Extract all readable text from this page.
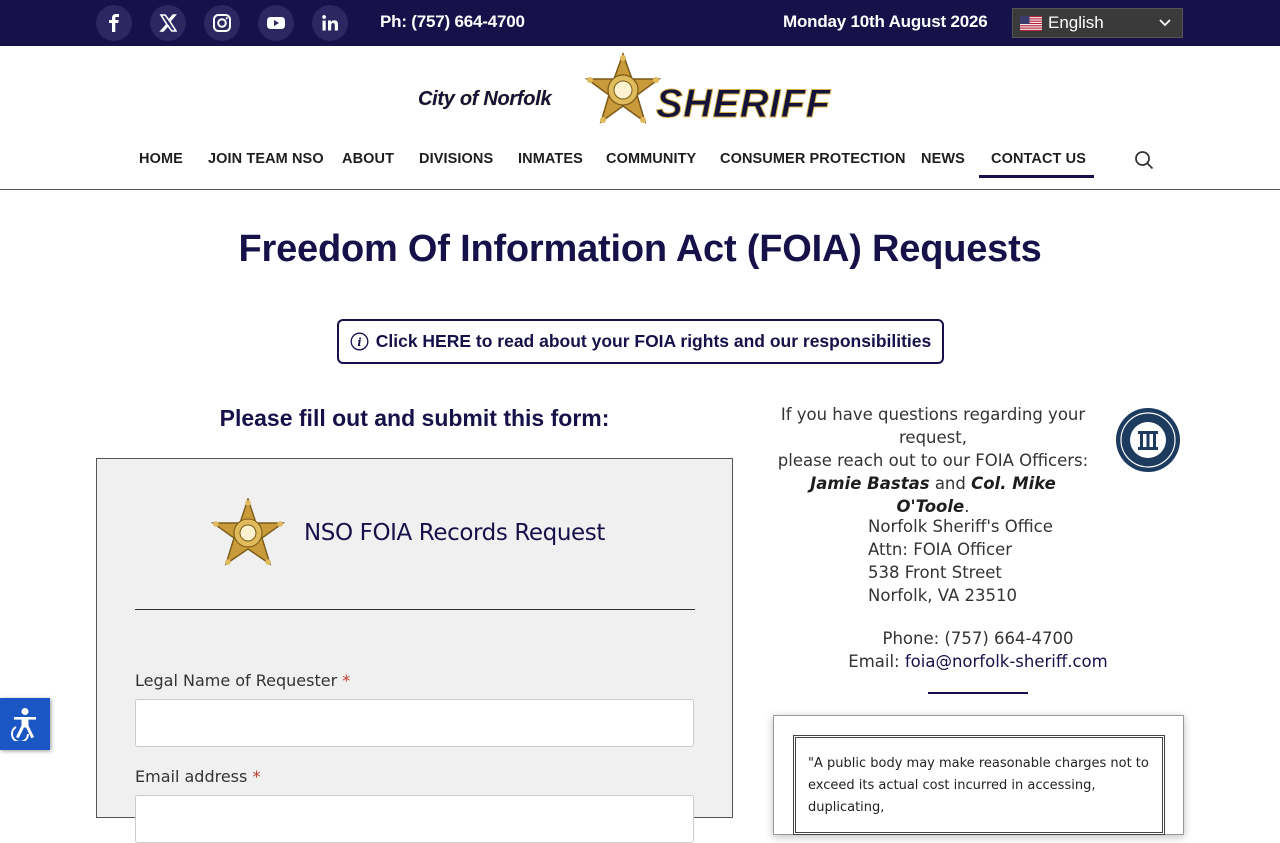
Ph: (757) 664-4700	Monday 10th August 2026	English
City of Norfolk	SHERIFF
HOME JOIN TEAM NSO ABOUT DIVISIONS INMATES COMMUNITY CONSUMER PROTECTION NEWS CONTACT US
Freedom Of Information Act (FOIA) Requests
i Click HERE to read about your FOIA rights and our responsibilities
Please fill out and submit this form:
NSO FOIA Records Request
Legal Name of Requester *
Email address *
If you have questions regarding your request,
please reach out to our FOIA Officers:
Jamie Bastas and Col. Mike O'Toole.
Norfolk Sheriff's Office
Attn: FOIA Officer
538 Front Street
Norfolk, VA 23510
Phone: (757) 664-4700
Email: foia@norfolk-sheriff.com
"A public body may make reasonable charges not to exceed its actual cost incurred in accessing, duplicating,
